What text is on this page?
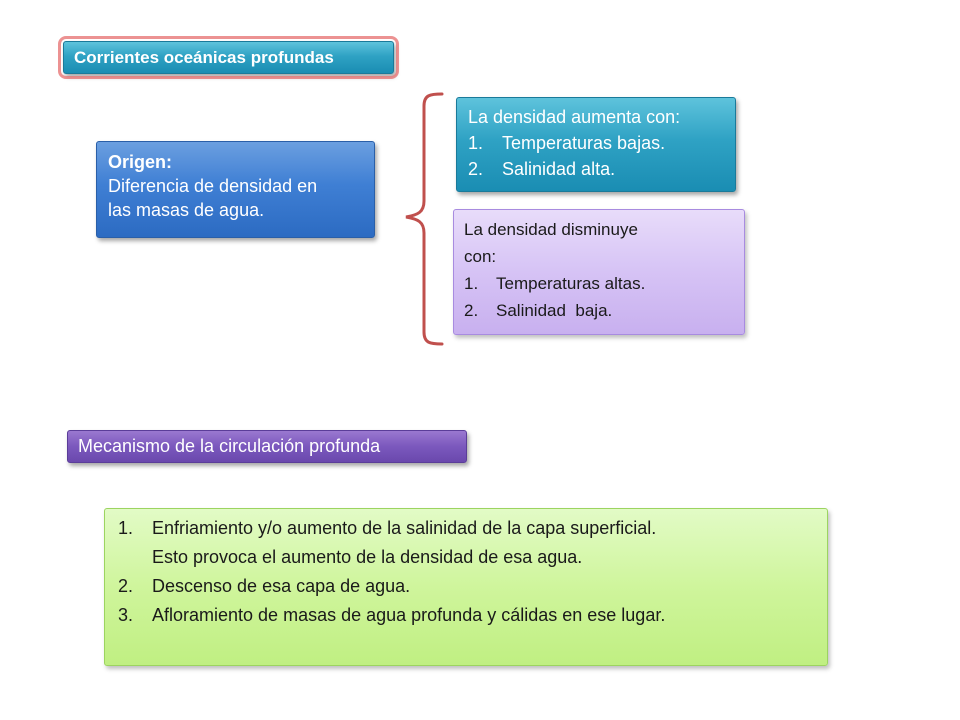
Corrientes oceánicas profundas
Origen:
Diferencia de densidad en
las masas de agua.
La densidad aumenta con:
1.	Temperaturas bajas.
2.	Salinidad alta.
La densidad disminuye
con:
1.	Temperaturas altas.
2.	Salinidad  baja.
Mecanismo de la circulación profunda
1.	Enfriamiento y/o aumento de la salinidad de la capa superficial.
Esto provoca el aumento de la densidad de esa agua.
2.	Descenso de esa capa de agua.
3.	Afloramiento de masas de agua profunda y cálidas en ese lugar.
